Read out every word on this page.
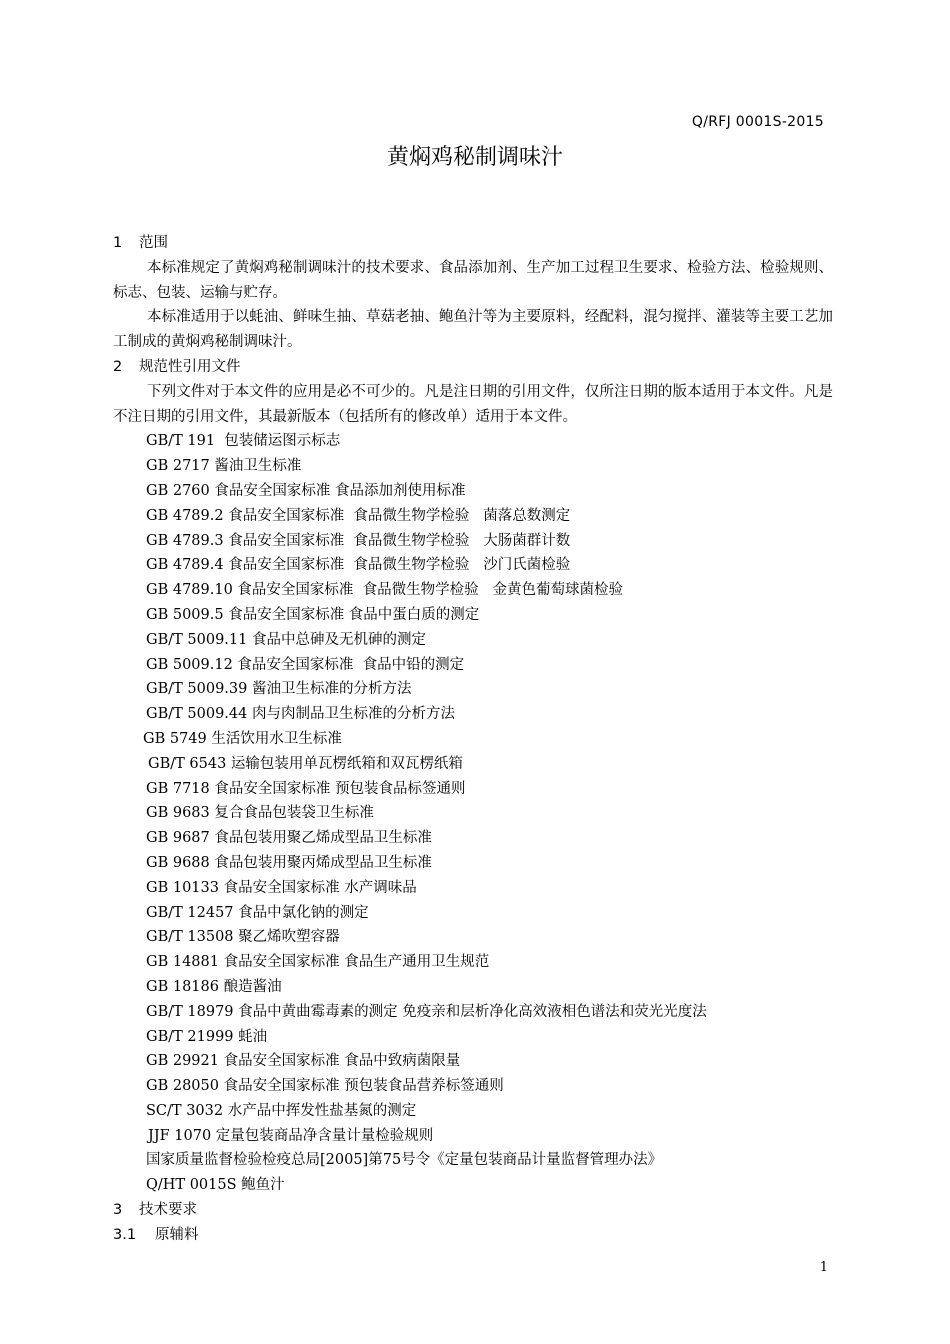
Q/RFJ 0001S-2015
黄焖鸡秘制调味汁
1 范围

本标准规定了黄焖鸡秘制调味汁的技术要求、食品添加剂、生产加工过程卫生要求、检验方法、检验规则、标志、包装、运输与贮存。

本标准适用于以蚝油、鲜味生抽、草菇老抽、鲍鱼汁等为主要原料，经配料，混匀搅拌、灌装等主要工艺加工制成的黄焖鸡秘制调味汁。

2 规范性引用文件

下列文件对于本文件的应用是必不可少的。凡是注日期的引用文件，仅所注日期的版本适用于本文件。凡是不注日期的引用文件，其最新版本（包括所有的修改单）适用于本文件。

GB/T 191  包装储运图示标志
GB 2717 酱油卫生标准
GB 2760 食品安全国家标准 食品添加剂使用标准
GB 4789.2 食品安全国家标准  食品微生物学检验   菌落总数测定
GB 4789.3 食品安全国家标准  食品微生物学检验   大肠菌群计数
GB 4789.4 食品安全国家标准  食品微生物学检验   沙门氏菌检验
GB 4789.10 食品安全国家标准  食品微生物学检验   金黄色葡萄球菌检验
GB 5009.5 食品安全国家标准 食品中蛋白质的测定
GB/T 5009.11 食品中总砷及无机砷的测定
GB 5009.12 食品安全国家标准  食品中铅的测定
GB/T 5009.39 酱油卫生标准的分析方法
GB/T 5009.44 肉与肉制品卫生标准的分析方法
GB 5749 生活饮用水卫生标准
GB/T 6543 运输包装用单瓦楞纸箱和双瓦楞纸箱
GB 7718 食品安全国家标准 预包装食品标签通则
GB 9683 复合食品包装袋卫生标准
GB 9687 食品包装用聚乙烯成型品卫生标准
GB 9688 食品包装用聚丙烯成型品卫生标准
GB 10133 食品安全国家标准 水产调味品
GB/T 12457 食品中氯化钠的测定
GB/T 13508 聚乙烯吹塑容器
GB 14881 食品安全国家标准 食品生产通用卫生规范
GB 18186 酿造酱油
GB/T 18979 食品中黄曲霉毒素的测定 免疫亲和层析净化高效液相色谱法和荧光光度法
GB/T 21999 蚝油
GB 29921 食品安全国家标准 食品中致病菌限量
GB 28050 食品安全国家标准 预包装食品营养标签通则
SC/T 3032 水产品中挥发性盐基氮的测定
JJF 1070 定量包装商品净含量计量检验规则
国家质量监督检验检疫总局[2005]第75号令《定量包装商品计量监督管理办法》
Q/HT 0015S 鲍鱼汁
3 技术要求
3.1 原辅料
1
